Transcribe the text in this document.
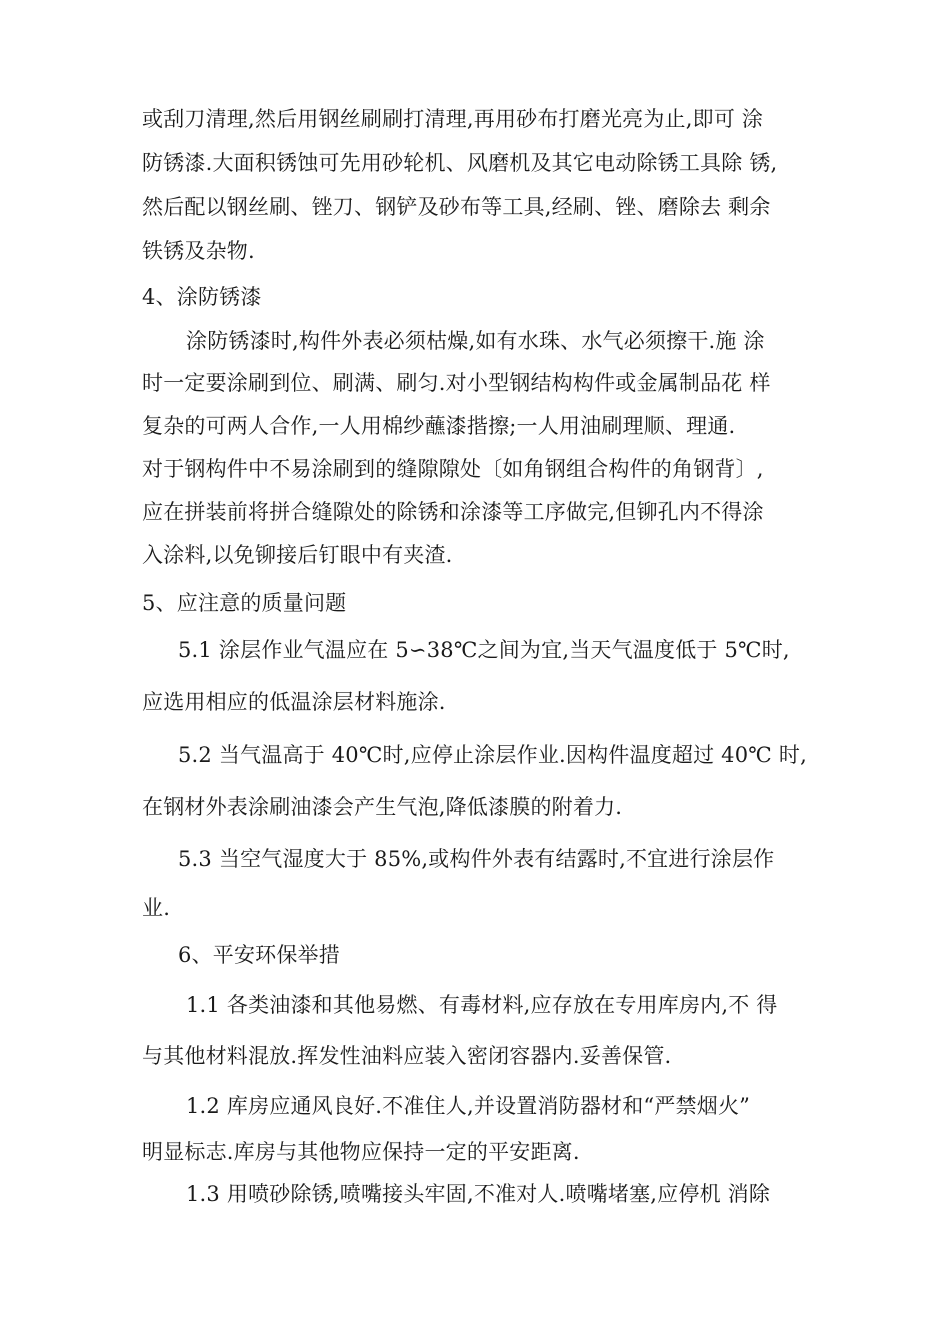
或刮刀清理,然后用钢丝刷刷打清理,再用砂布打磨光亮为止,即可 涂
防锈漆.大面积锈蚀可先用砂轮机、风磨机及其它电动除锈工具除 锈,
然后配以钢丝刷、锉刀、钢铲及砂布等工具,经刷、锉、磨除去 剩余
铁锈及杂物.
4、涂防锈漆
涂防锈漆时,构件外表必须枯燥,如有水珠、水气必须擦干.施 涂
时一定要涂刷到位、刷满、刷匀.对小型钢结构构件或金属制品花 样
复杂的可两人合作,一人用棉纱蘸漆揩擦;一人用油刷理顺、理通.
对于钢构件中不易涂刷到的缝隙隙处〔如角钢组合构件的角钢背〕,
应在拼装前将拼合缝隙处的除锈和涂漆等工序做完,但铆孔内不得涂
入涂料,以免铆接后钉眼中有夹渣.
5、应注意的质量问题
5.1 涂层作业气温应在 5∽38℃之间为宜,当天气温度低于 5℃时,
应选用相应的低温涂层材料施涂.
5.2 当气温高于 40℃时,应停止涂层作业.因构件温度超过 40℃ 时,
在钢材外表涂刷油漆会产生气泡,降低漆膜的附着力.
5.3 当空气湿度大于 85%,或构件外表有结露时,不宜进行涂层作
业.
6、平安环保举措
1.1 各类油漆和其他易燃、有毒材料,应存放在专用库房内,不 得
与其他材料混放.挥发性油料应装入密闭容器内.妥善保管.
1.2 库房应通风良好.不准住人,并设置消防器材和“严禁烟火”
明显标志.库房与其他物应保持一定的平安距离.
1.3 用喷砂除锈,喷嘴接头牢固,不准对人.喷嘴堵塞,应停机 消除
